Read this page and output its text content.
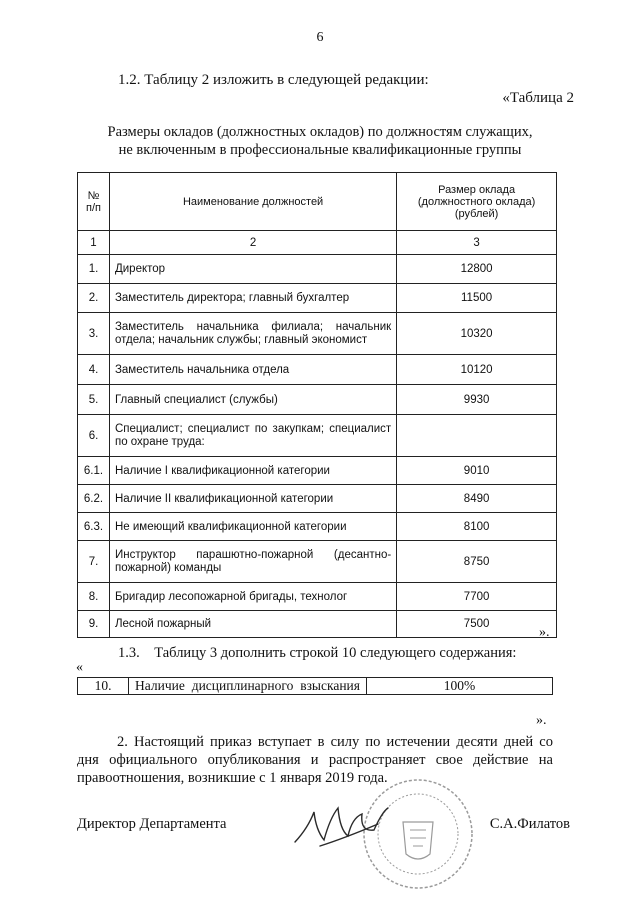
6
1.2. Таблицу 2 изложить в следующей редакции:
«Таблица 2
Размеры окладов (должностных окладов) по должностям служащих,
не включенным в профессиональные квалификационные группы
№ п/п	Наименование должностей	Размер оклада (должностного оклада) (рублей)
1	2	3
1.	Директор	12800
2.	Заместитель директора; главный бухгалтер	11500
3.	Заместитель начальника филиала; начальник отдела; начальник службы; главный экономист	10320
4.	Заместитель начальника отдела	10120
5.	Главный специалист (службы)	9930
6.	Специалист; специалист по закупкам; специалист по охране труда:	
6.1.	Наличие I квалификационной категории	9010
6.2.	Наличие II квалификационной категории	8490
6.3.	Не имеющий квалификационной категории	8100
7.	Инструктор парашютно-пожарной (десантно-пожарной) команды	8750
8.	Бригадир лесопожарной бригады, технолог	7700
9.	Лесной пожарный	7500
».
1.3.    Таблицу 3 дополнить строкой 10 следующего содержания:
«
10.	Наличие дисциплинарного взыскания	100%
».
2. Настоящий приказ вступает в силу по истечении десяти дней со дня официального опубликования и распространяет свое действие на правоотношения, возникшие с 1 января 2019 года.
Директор Департамента	С.А.Филатов
